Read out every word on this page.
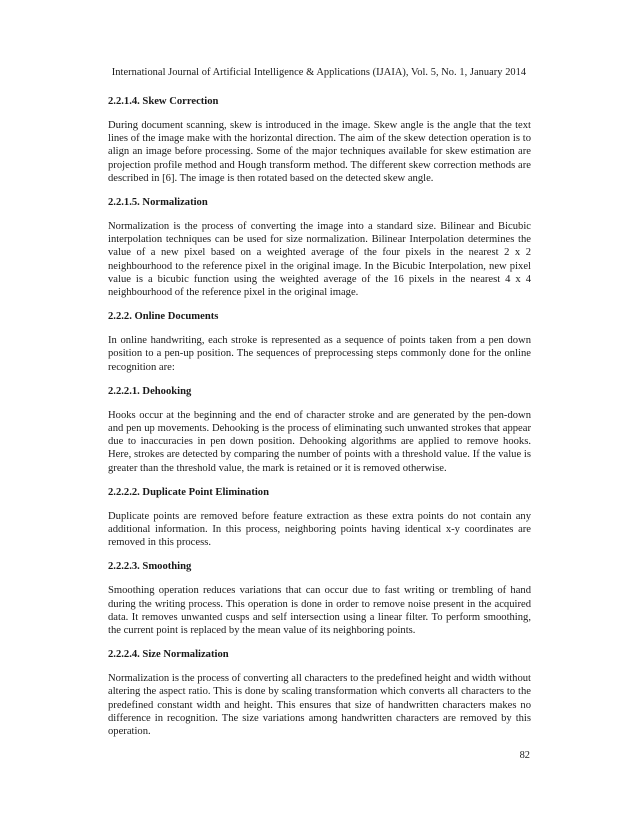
International Journal of Artificial Intelligence & Applications (IJAIA), Vol. 5, No. 1, January 2014
2.2.1.4. Skew Correction
During document scanning, skew is introduced in the image. Skew angle is the angle that the text lines of the image make with the horizontal direction. The aim of the skew detection operation is to align an image before processing. Some of the major techniques available for skew estimation are projection profile method and Hough transform method. The different skew correction methods are described in [6]. The image is then rotated based on the detected skew angle.
2.2.1.5. Normalization
Normalization is the process of converting the image into a standard size. Bilinear and Bicubic interpolation techniques can be used for size normalization. Bilinear Interpolation determines the value of a new pixel based on a weighted average of the four pixels in the nearest 2 x 2 neighbourhood to the reference pixel in the original image. In the Bicubic Interpolation, new pixel value is a bicubic function using the weighted average of the 16 pixels in the nearest 4 x 4 neighbourhood of the reference pixel in the original image.
2.2.2. Online Documents
In online handwriting, each stroke is represented as a sequence of points taken from a pen down position to a pen-up position. The sequences of preprocessing steps commonly done for the online recognition are:
2.2.2.1. Dehooking
Hooks occur at the beginning and the end of character stroke and are generated by the pen-down and pen up movements. Dehooking is the process of eliminating such unwanted strokes that appear due to inaccuracies in pen down position. Dehooking algorithms are applied to remove hooks. Here, strokes are detected by comparing the number of points with a threshold value. If the value is greater than the threshold value, the mark is retained or it is removed otherwise.
2.2.2.2. Duplicate Point Elimination
Duplicate points are removed before feature extraction as these extra points do not contain any additional information. In this process, neighboring points having identical x-y coordinates are removed in this process.
2.2.2.3. Smoothing
Smoothing operation reduces variations that can occur due to fast writing or trembling of hand during the writing process. This operation is done in order to remove noise present in the acquired data. It removes unwanted cusps and self intersection using a linear filter. To perform smoothing, the current point is replaced by the mean value of its neighboring points.
2.2.2.4. Size Normalization
Normalization is the process of converting all characters to the predefined height and width without altering the aspect ratio. This is done by scaling transformation which converts all characters to the predefined constant width and height. This ensures that size of handwritten characters makes no difference in recognition. The size variations among handwritten characters are removed by this operation.
82
